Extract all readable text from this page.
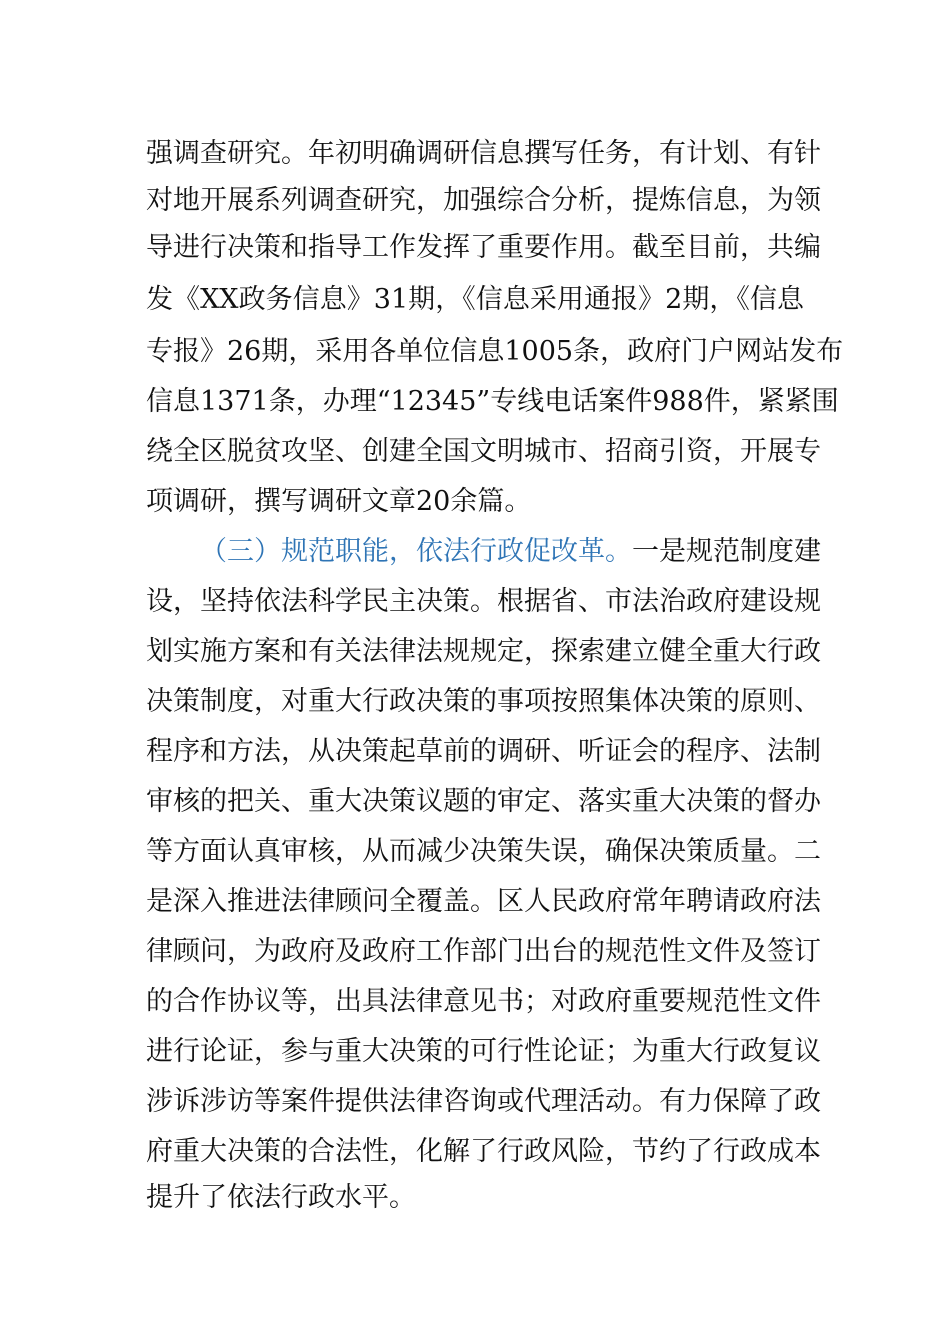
强调查研究。年初明确调研信息撰写任务，有计划、有针
对地开展系列调查研究，加强综合分析，提炼信息，为领
导进行决策和指导工作发挥了重要作用。截至目前，共编
发《XX政务信息》31期，《信息采用通报》2期，《信息
专报》26期，采用各单位信息1005条，政府门户网站发布
信息1371条，办理“12345”专线电话案件988件，紧紧围
绕全区脱贫攻坚、创建全国文明城市、招商引资，开展专
项调研，撰写调研文章20余篇。
（三）规范职能，依法行政促改革。一是规范制度建
设，坚持依法科学民主决策。根据省、市法治政府建设规
划实施方案和有关法律法规规定，探索建立健全重大行政
决策制度，对重大行政决策的事项按照集体决策的原则、
程序和方法，从决策起草前的调研、听证会的程序、法制
审核的把关、重大决策议题的审定、落实重大决策的督办
等方面认真审核，从而减少决策失误，确保决策质量。二
是深入推进法律顾问全覆盖。区人民政府常年聘请政府法
律顾问，为政府及政府工作部门出台的规范性文件及签订
的合作协议等，出具法律意见书；对政府重要规范性文件
进行论证，参与重大决策的可行性论证；为重大行政复议
涉诉涉访等案件提供法律咨询或代理活动。有力保障了政
府重大决策的合法性，化解了行政风险，节约了行政成本
提升了依法行政水平。
